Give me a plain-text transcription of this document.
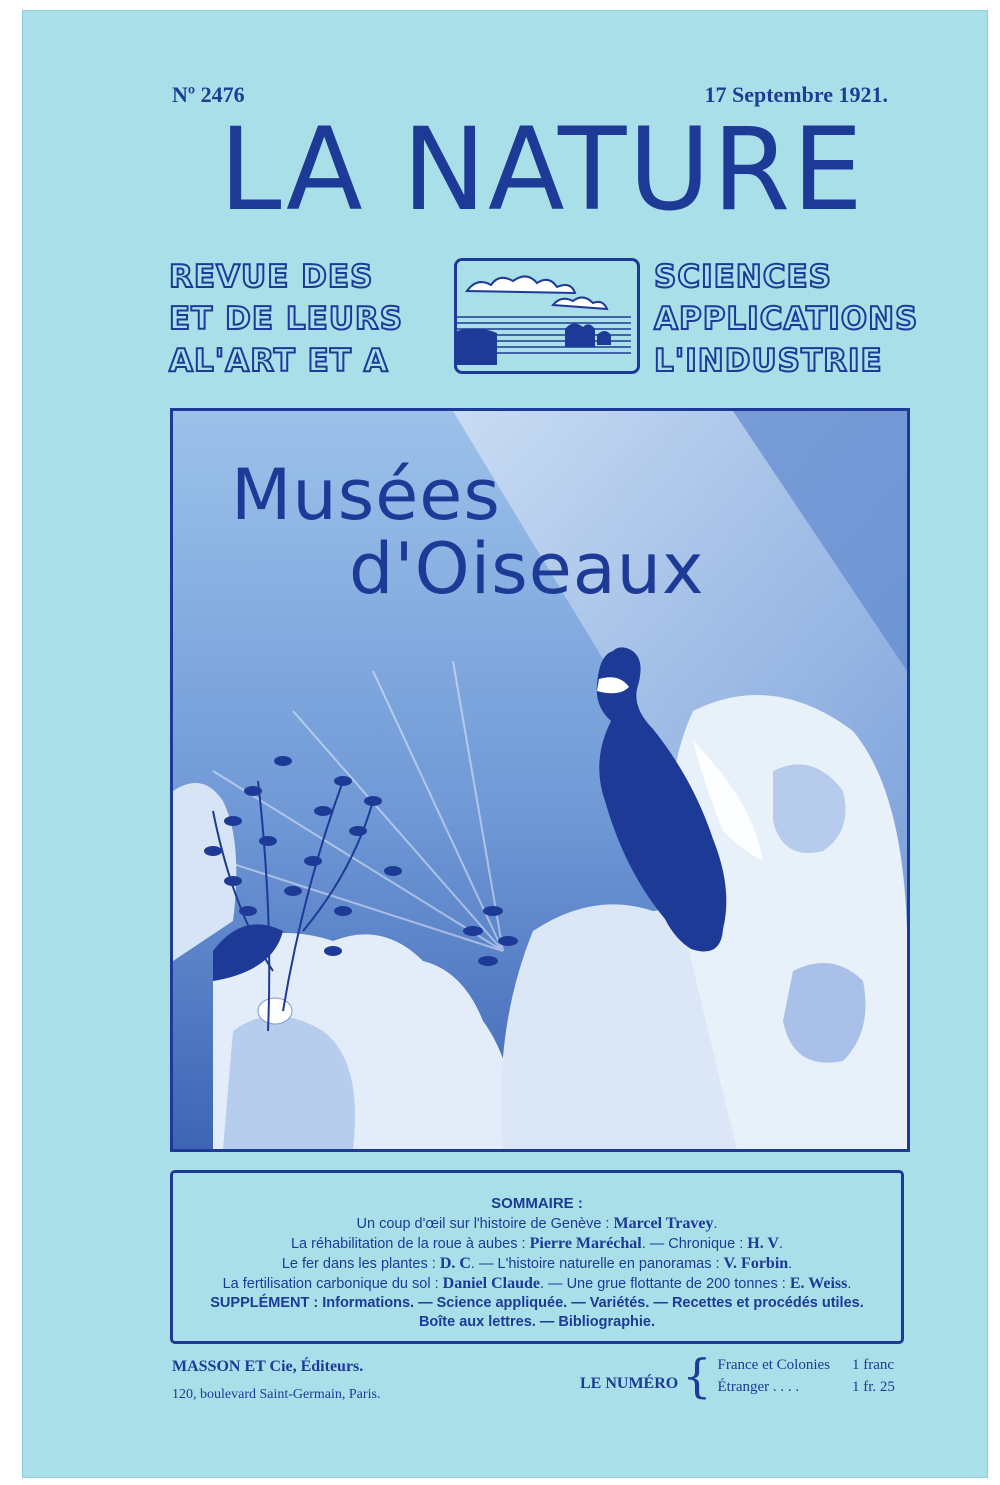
Nº 2476	17 Septembre 1921.
LA NATURE
REVUE DES
ET DE LEURS
AL'ART ET A
SCIENCES
APPLICATIONS
L'INDUSTRIE
Musées
d'Oiseaux
SOMMAIRE :
Un coup d'œil sur l'histoire de Genève : Marcel Travey.
La réhabilitation de la roue à aubes : Pierre Maréchal. — Chronique : H. V.
Le fer dans les plantes : D. C. — L'histoire naturelle en panoramas : V. Forbin.
La fertilisation carbonique du sol : Daniel Claude. — Une grue flottante de 200 tonnes : E. Weiss.
SUPPLÉMENT : Informations. — Science appliquée. — Variétés. — Recettes et procédés utiles.
Boîte aux lettres. — Bibliographie.
MASSON ET Cie, Éditeurs.
120, boulevard Saint-Germain, Paris.
LE NUMÉRO { France et Colonies	1 franc
Étranger . . . .	1 fr. 25
